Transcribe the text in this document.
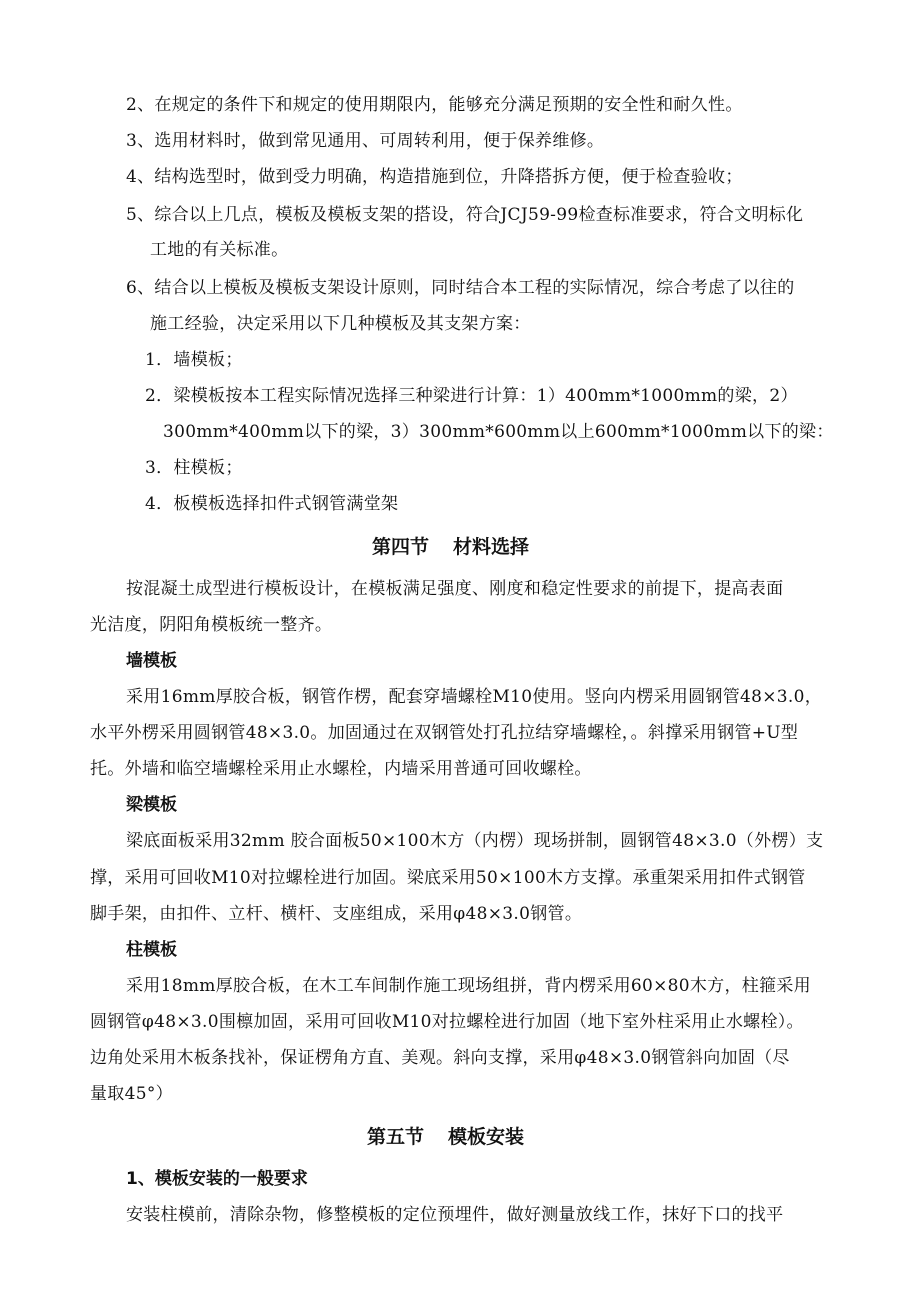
2、在规定的条件下和规定的使用期限内，能够充分满足预期的安全性和耐久性。
3、选用材料时，做到常见通用、可周转利用，便于保养维修。
4、结构选型时，做到受力明确，构造措施到位，升降搭拆方便，便于检查验收；
5、综合以上几点，模板及模板支架的搭设，符合JCJ59-99检查标准要求，符合文明标化
工地的有关标准。
6、结合以上模板及模板支架设计原则，同时结合本工程的实际情况，综合考虑了以往的
施工经验，决定采用以下几种模板及其支架方案：
1．墙模板；
2．梁模板按本工程实际情况选择三种梁进行计算：1）400mm*1000mm的梁，2）
300mm*400mm以下的梁，3）300mm*600mm以上600mm*1000mm以下的梁：
3．柱模板；
4．板模板选择扣件式钢管满堂架
第四节 材料选择
按混凝土成型进行模板设计，在模板满足强度、刚度和稳定性要求的前提下，提高表面
光洁度，阴阳角模板统一整齐。
墙模板
采用16mm厚胶合板，钢管作楞，配套穿墙螺栓M10使用。竖向内楞采用圆钢管48×3.0，
水平外楞采用圆钢管48×3.0。加固通过在双钢管处打孔拉结穿墙螺栓，。斜撑采用钢管+U型
托。外墙和临空墙螺栓采用止水螺栓，内墙采用普通可回收螺栓。
梁模板
梁底面板采用32mm 胶合面板50×100木方（内楞）现场拼制，圆钢管48×3.0（外楞）支
撑，采用可回收M10对拉螺栓进行加固。梁底采用50×100木方支撑。承重架采用扣件式钢管
脚手架，由扣件、立杆、横杆、支座组成，采用φ48×3.0钢管。
柱模板
采用18mm厚胶合板，在木工车间制作施工现场组拼，背内楞采用60×80木方，柱箍采用
圆钢管φ48×3.0围檩加固，采用可回收M10对拉螺栓进行加固（地下室外柱采用止水螺栓）。
边角处采用木板条找补，保证楞角方直、美观。斜向支撑，采用φ48×3.0钢管斜向加固（尽
量取45°）
第五节 模板安装
1、模板安装的一般要求
安装柱模前，清除杂物，修整模板的定位预埋件，做好测量放线工作，抹好下口的找平
